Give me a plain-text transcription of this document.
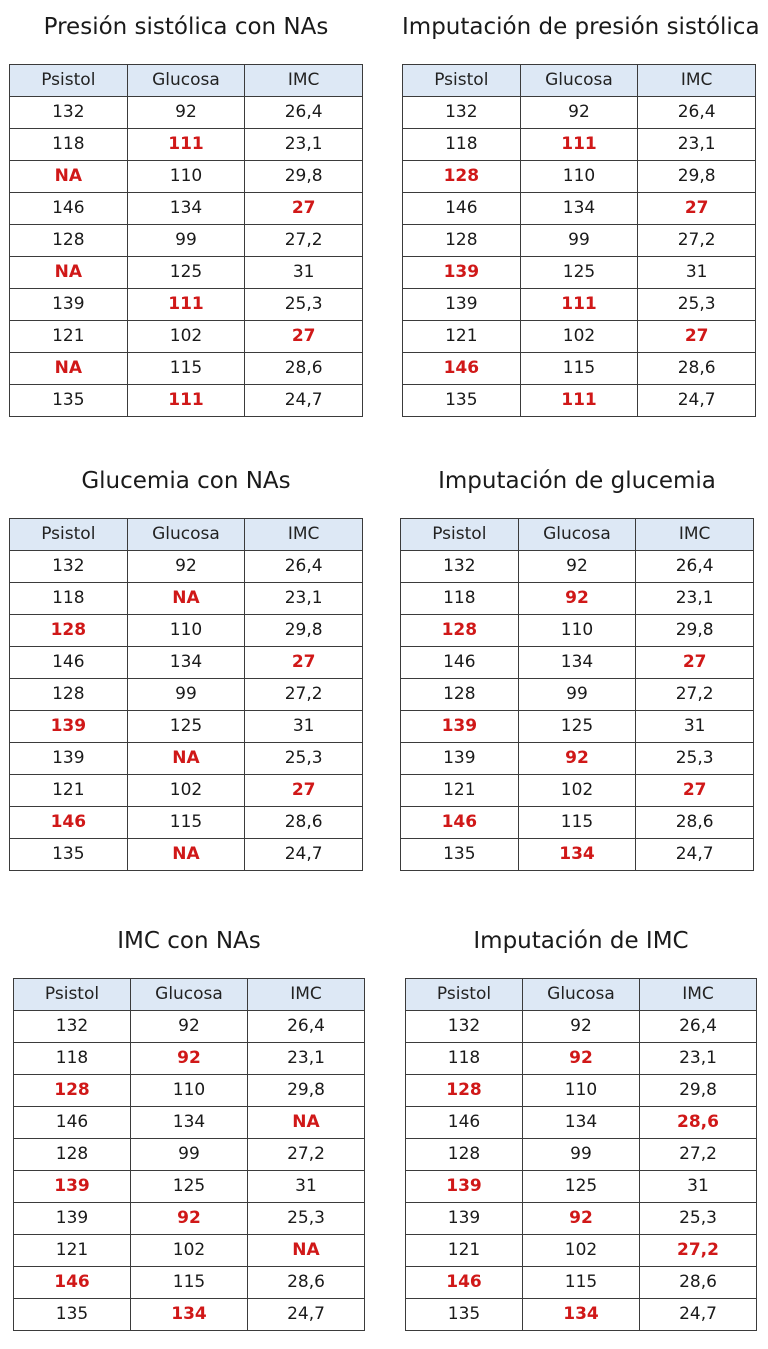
Presión sistólica con NAs
Psistol	Glucosa	IMC
132	92	26,4
118	111	23,1
NA	110	29,8
146	134	27
128	99	27,2
NA	125	31
139	111	25,3
121	102	27
NA	115	28,6
135	111	24,7
Imputación de presión sistólica
Psistol	Glucosa	IMC
132	92	26,4
118	111	23,1
128	110	29,8
146	134	27
128	99	27,2
139	125	31
139	111	25,3
121	102	27
146	115	28,6
135	111	24,7
Glucemia con NAs
Psistol	Glucosa	IMC
132	92	26,4
118	NA	23,1
128	110	29,8
146	134	27
128	99	27,2
139	125	31
139	NA	25,3
121	102	27
146	115	28,6
135	NA	24,7
Imputación de glucemia
Psistol	Glucosa	IMC
132	92	26,4
118	92	23,1
128	110	29,8
146	134	27
128	99	27,2
139	125	31
139	92	25,3
121	102	27
146	115	28,6
135	134	24,7
IMC con NAs
Psistol	Glucosa	IMC
132	92	26,4
118	92	23,1
128	110	29,8
146	134	NA
128	99	27,2
139	125	31
139	92	25,3
121	102	NA
146	115	28,6
135	134	24,7
Imputación de IMC
Psistol	Glucosa	IMC
132	92	26,4
118	92	23,1
128	110	29,8
146	134	28,6
128	99	27,2
139	125	31
139	92	25,3
121	102	27,2
146	115	28,6
135	134	24,7
